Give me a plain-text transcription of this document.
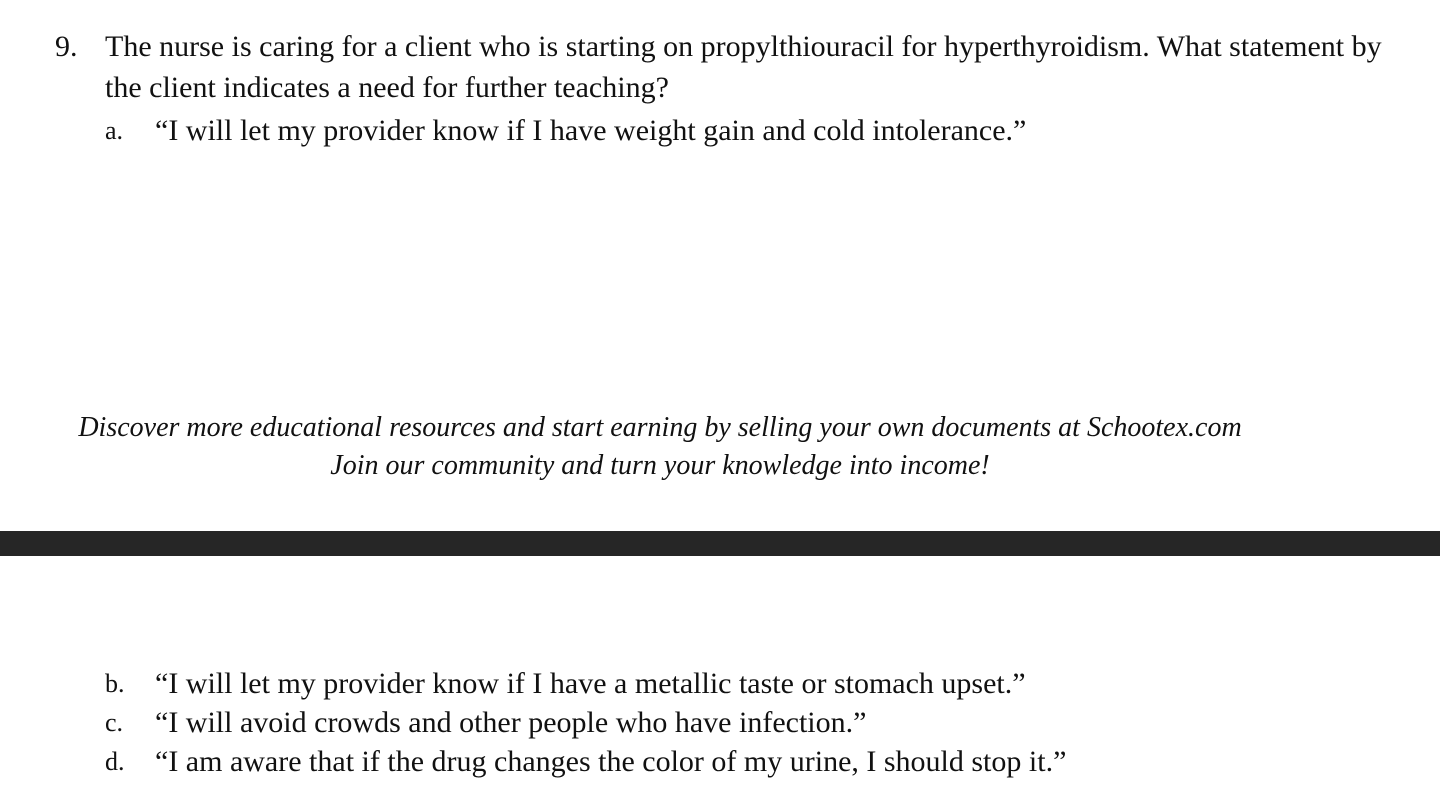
9. The nurse is caring for a client who is starting on propylthiouracil for hyperthyroidism. What statement by the client indicates a need for further teaching?
a. “I will let my provider know if I have weight gain and cold intolerance.”
Discover more educational resources and start earning by selling your own documents at Schootex.com
Join our community and turn your knowledge into income!
b. “I will let my provider know if I have a metallic taste or stomach upset.”
c. “I will avoid crowds and other people who have infection.”
d. “I am aware that if the drug changes the color of my urine, I should stop it.”
